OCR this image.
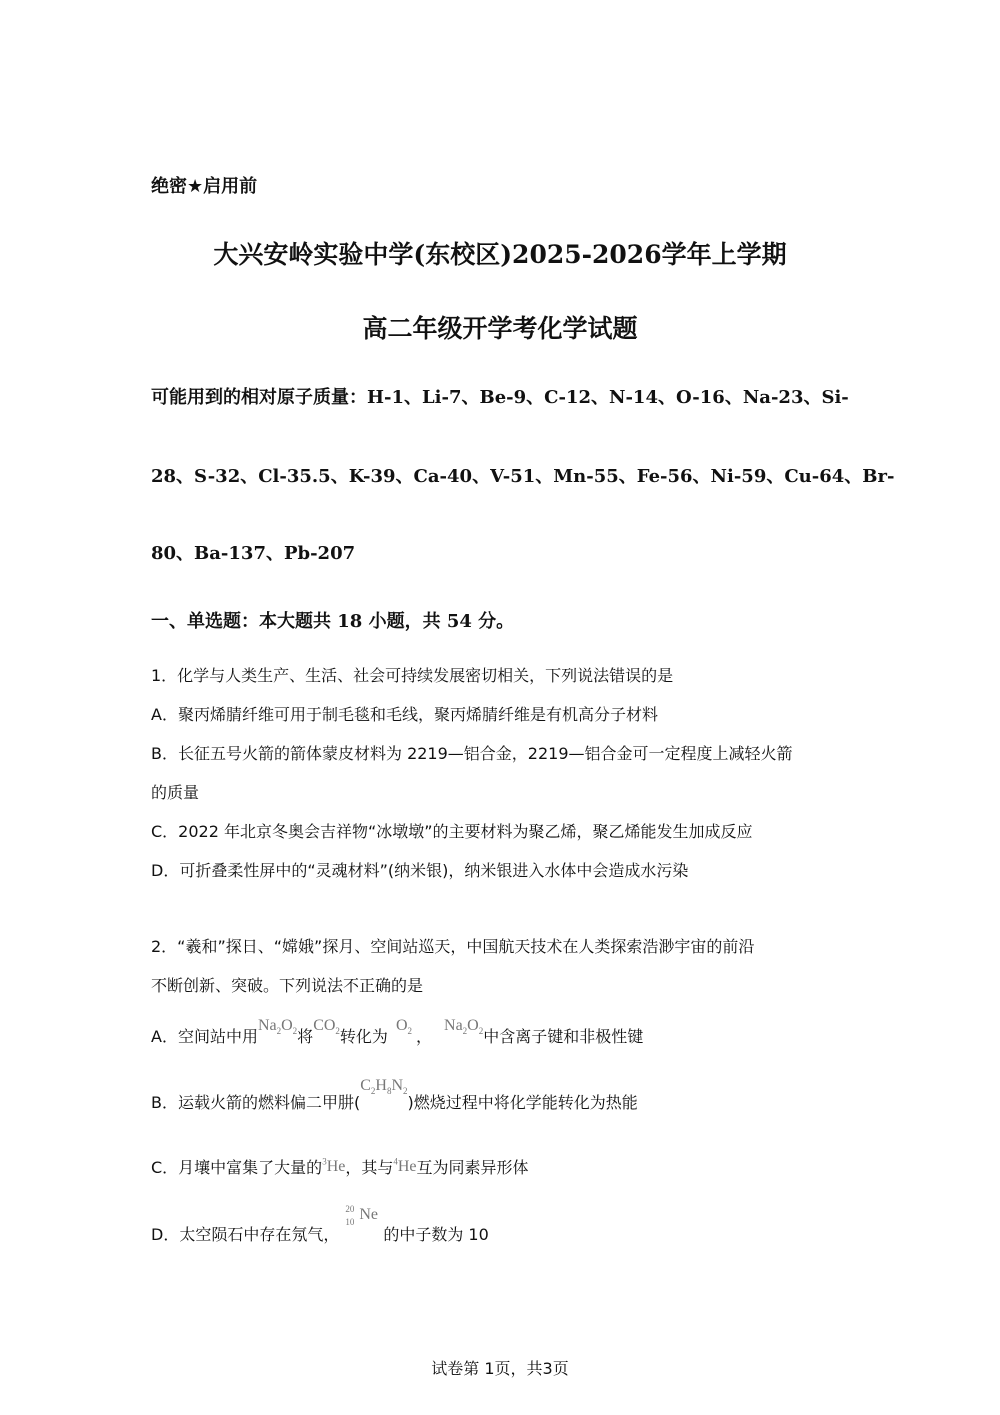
绝密★启用前
大兴安岭实验中学(东校区)2025-2026学年上学期
高二年级开学考化学试题
可能用到的相对原子质量：H-1、Li-7、Be-9、C-12、N-14、O-16、Na-23、Si-
28、S-32、Cl-35.5、K-39、Ca-40、V-51、Mn-55、Fe-56、Ni-59、Cu-64、Br-
80、Ba-137、Pb-207
一、单选题：本大题共 18 小题，共 54 分。
1．化学与人类生产、生活、社会可持续发展密切相关，下列说法错误的是
A．聚丙烯腈纤维可用于制毛毯和毛线，聚丙烯腈纤维是有机高分子材料
B．长征五号火箭的箭体蒙皮材料为 2219—铝合金，2219—铝合金可一定程度上减轻火箭
的质量
C．2022 年北京冬奥会吉祥物“冰墩墩”的主要材料为聚乙烯，聚乙烯能发生加成反应
D．可折叠柔性屏中的“灵魂材料”(纳米银)，纳米银进入水体中会造成水污染
2．“羲和”探日、“嫦娥”探月、空间站巡天，中国航天技术在人类探索浩渺宇宙的前沿
不断创新、突破。下列说法不正确的是
A．空间站中用$Na_2O_2$将$CO_2$转化为  $O_2$ ，   $Na_2O_2$中含离子键和非极性键
B．运载火箭的燃料偏二甲肼$(C_2H_8N_2)$燃烧过程中将化学能转化为热能
C．月壤中富集了大量的$^3$He，其与$^4$He互为同素异形体
D．太空陨石中存在氖气，
20
10 Ne
的中子数为 10
试卷第 1页，共3页
